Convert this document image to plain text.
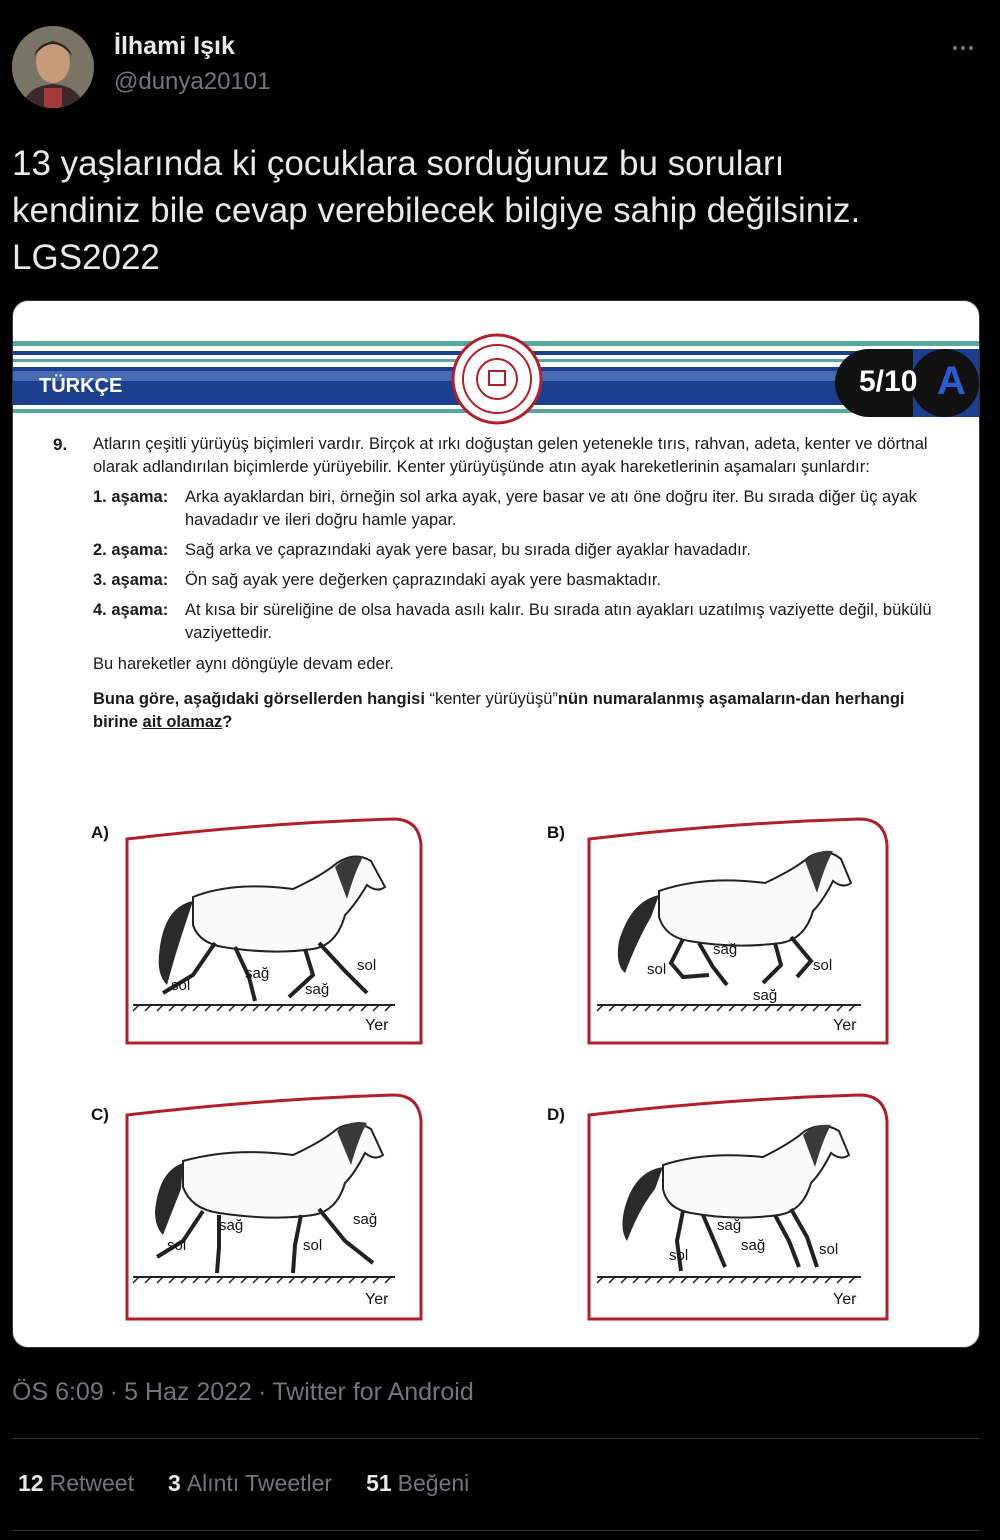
İlhami Işık
@dunya20101
13 yaşlarında ki çocuklara sorduğunuz bu soruları
kendiniz bile cevap verebilecek bilgiye sahip değilsiniz.
LGS2022
TÜRKÇE	5/10 A
9. Atların çeşitli yürüyüş biçimleri vardır. Birçok at ırkı doğuştan gelen yetenekle tırıs, rahvan, adeta, kenter ve dörtnal olarak adlandırılan biçimlerde yürüyebilir. Kenter yürüyüşünde atın ayak hareketlerinin aşamaları şunlardır:

1. aşama:	Arka ayaklardan biri, örneğin sol arka ayak, yere basar ve atı öne doğru iter. Bu sırada diğer üç ayak havadadır ve ileri doğru hamle yapar.
2. aşama:	Sağ arka ve çaprazındaki ayak yere basar, bu sırada diğer ayaklar havadadır.
3. aşama:	Ön sağ ayak yere değerken çaprazındaki ayak yere basmaktadır.
4. aşama:	At kısa bir süreliğine de olsa havada asılı kalır. Bu sırada atın ayakları uzatılmış vaziyette değil, bükülü vaziyettedir.

Bu hareketler aynı döngüyle devam eder.

Buna göre, aşağıdaki görsellerden hangisi “kenter yürüyüşü”nün numaralanmış aşamaların-dan herhangi birine ait olamaz?

A)	B)
C)	D)
sol
sağ
sağ
sol
Yer
sağ
sol	sol
sağ
Yer
sağ	sağ
sol
sol
Yer
sağ
sağ
sol	sol
Yer
ÖS 6:09 · 5 Haz 2022 · Twitter for Android
12 Retweet 3 Alıntı Tweetler 51 Beğeni
